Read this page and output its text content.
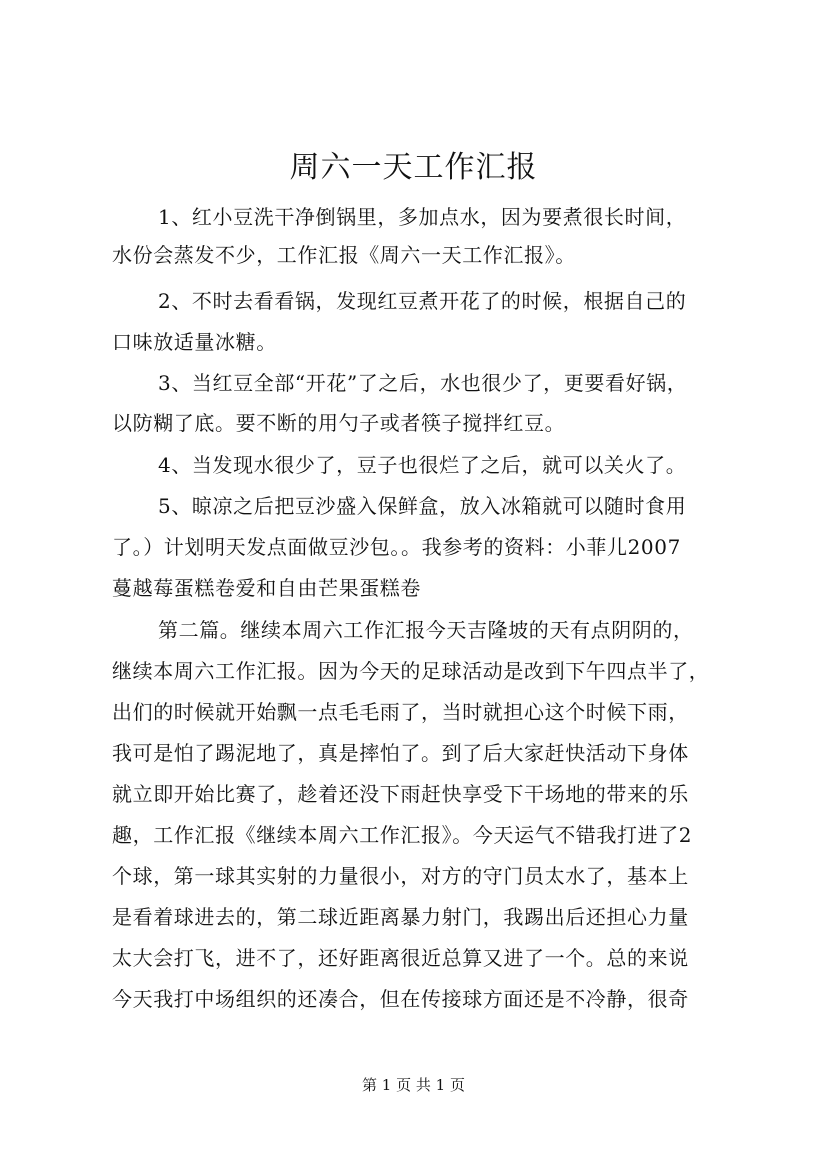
周六一天工作汇报
1、红小豆洗干净倒锅里，多加点水，因为要煮很长时间，
水份会蒸发不少，工作汇报《周六一天工作汇报》。
2、不时去看看锅，发现红豆煮开花了的时候，根据自己的
口味放适量冰糖。
3、当红豆全部“开花”了之后，水也很少了，更要看好锅，
以防糊了底。要不断的用勺子或者筷子搅拌红豆。
4、当发现水很少了，豆子也很烂了之后，就可以关火了。
5、晾凉之后把豆沙盛入保鲜盒，放入冰箱就可以随时食用
了。）计划明天发点面做豆沙包。。我参考的资料：小菲儿2007
蔓越莓蛋糕卷爱和自由芒果蛋糕卷
第二篇。继续本周六工作汇报今天吉隆坡的天有点阴阴的，
继续本周六工作汇报。因为今天的足球活动是改到下午四点半了，
出们的时候就开始飘一点毛毛雨了，当时就担心这个时候下雨，
我可是怕了踢泥地了，真是摔怕了。到了后大家赶快活动下身体
就立即开始比赛了，趁着还没下雨赶快享受下干场地的带来的乐
趣，工作汇报《继续本周六工作汇报》。今天运气不错我打进了2
个球，第一球其实射的力量很小，对方的守门员太水了，基本上
是看着球进去的，第二球近距离暴力射门，我踢出后还担心力量
太大会打飞，进不了，还好距离很近总算又进了一个。总的来说
今天我打中场组织的还凑合，但在传接球方面还是不冷静，很奇
第 1 页 共 1 页
